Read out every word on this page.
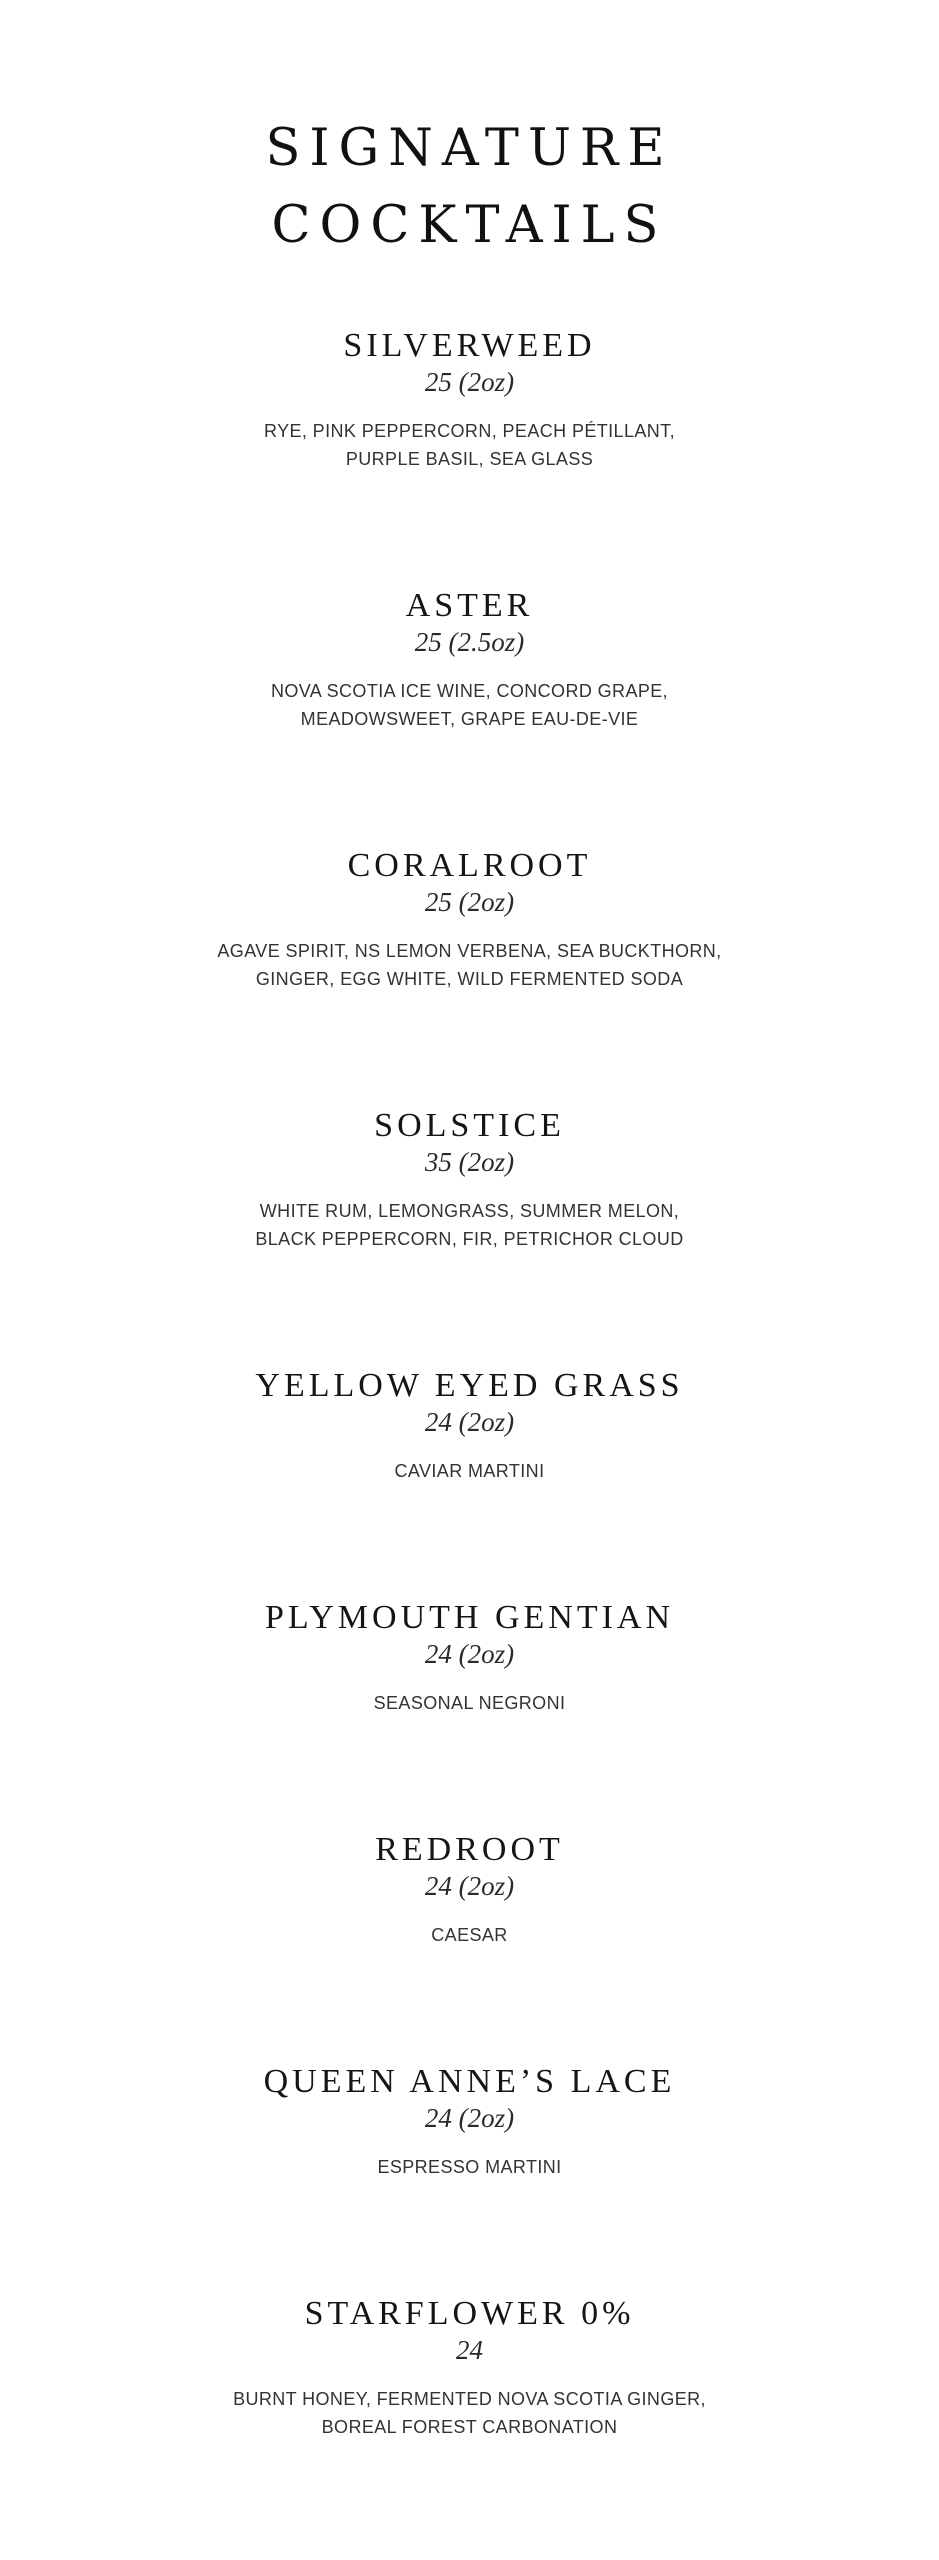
SIGNATURE
COCKTAILS
SILVERWEED
25 (2oz)
RYE, PINK PEPPERCORN, PEACH PÉTILLANT,
PURPLE BASIL, SEA GLASS
ASTER
25 (2.5oz)
NOVA SCOTIA ICE WINE, CONCORD GRAPE,
MEADOWSWEET, GRAPE EAU-DE-VIE
CORALROOT
25 (2oz)
AGAVE SPIRIT, NS LEMON VERBENA, SEA BUCKTHORN,
GINGER, EGG WHITE, WILD FERMENTED SODA
SOLSTICE
35 (2oz)
WHITE RUM, LEMONGRASS, SUMMER MELON,
BLACK PEPPERCORN, FIR, PETRICHOR CLOUD
YELLOW EYED GRASS
24 (2oz)
CAVIAR MARTINI
PLYMOUTH GENTIAN
24 (2oz)
SEASONAL NEGRONI
REDROOT
24 (2oz)
CAESAR
QUEEN ANNE’S LACE
24 (2oz)
ESPRESSO MARTINI
STARFLOWER 0%
24
BURNT HONEY, FERMENTED NOVA SCOTIA GINGER,
BOREAL FOREST CARBONATION
